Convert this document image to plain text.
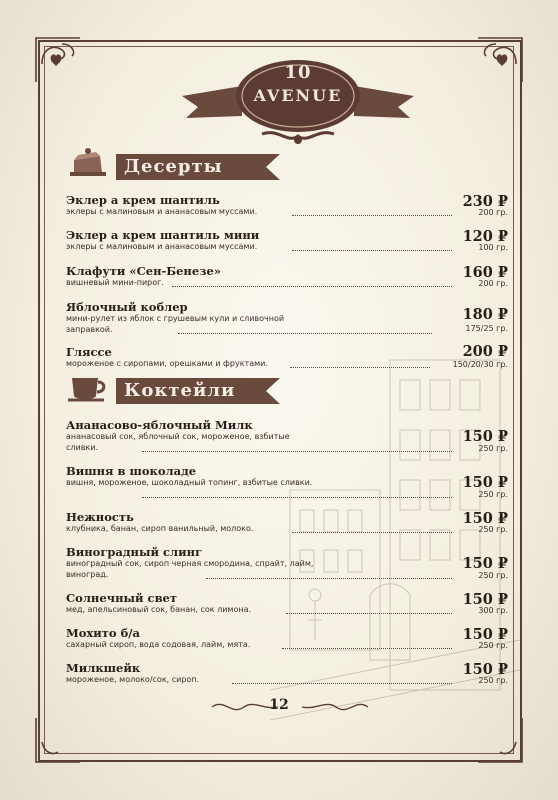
10
AVENUE
Десерты
Коктейли
Эклер а крем шантиль
эклеры с малиновым и ананасовым муссами.
230 ₽
200 гр.
Эклер а крем шантиль мини
эклеры с малиновым и ананасовым муссами.
120 ₽
100 гр.
Клафути «Сен-Бенезе»
вишневый мини-пирог.
160 ₽
200 гр.
Яблочный коблер
мини-рулет из яблок с грушевым кули и сливочной заправкой.
180 ₽
175/25 гр.
Гляссе
мороженое с сиропами, орешками и фруктами.
200 ₽
150/20/30 гр.
Ананасово-яблочный Милк
ананасовый сок, яблочный сок, мороженое, взбитые сливки.
150 ₽
250 гр.
Вишня в шоколаде
вишня, мороженое, шоколадный топинг, взбитые сливки.	150 ₽
250 гр.
Нежность
клубника, банан, сироп ванильный, молоко.
150 ₽
250 гр.
Виноградный слинг
виноградный сок, сироп черная смородина, спрайт, лайм, виноград.
150 ₽
250 гр.
Солнечный свет
мед, апельсиновый сок, банан, сок лимона.
150 ₽
300 гр.
Мохито б/а
сахарный сироп, вода содовая, лайм, мята.
150 ₽
250 гр.
Милкшейк
мороженое, молоко/сок, сироп.
150 ₽
250 гр.
12
